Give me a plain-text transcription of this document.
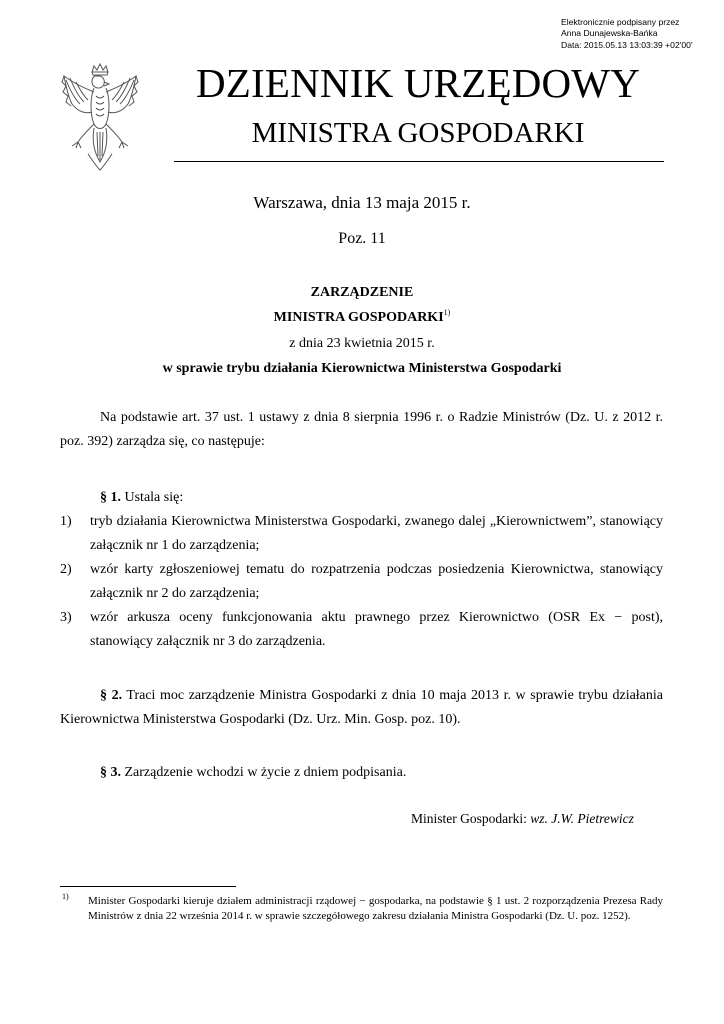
Elektronicznie podpisany przez
Anna Dunajewska-Bańka
Data: 2015.05.13 13:03:39 +02'00'
DZIENNIK URZĘDOWY
MINISTRA GOSPODARKI
Warszawa, dnia 13 maja 2015 r.
Poz. 11
ZARZĄDZENIE
MINISTRA GOSPODARKI$^{1)}$
z dnia 23 kwietnia 2015 r.
w sprawie trybu działania Kierownictwa Ministerstwa Gospodarki
Na podstawie art. 37 ust. 1 ustawy z dnia 8 sierpnia 1996 r. o Radzie Ministrów (Dz. U. z 2012 r. poz. 392) zarządza się, co następuje:
§ 1. Ustala się:
1) tryb działania Kierownictwa Ministerstwa Gospodarki, zwanego dalej „Kierownictwem”, stanowiący załącznik nr 1 do zarządzenia;
2) wzór karty zgłoszeniowej tematu do rozpatrzenia podczas posiedzenia Kierownictwa, stanowiący załącznik nr 2 do zarządzenia;
3) wzór arkusza oceny funkcjonowania aktu prawnego przez Kierownictwo (OSR Ex − post), stanowiący załącznik nr 3 do zarządzenia.
§ 2. Traci moc zarządzenie Ministra Gospodarki z dnia 10 maja 2013 r. w sprawie trybu działania Kierownictwa Ministerstwa Gospodarki (Dz. Urz. Min. Gosp. poz. 10).
§ 3. Zarządzenie wchodzi w życie z dniem podpisania.
Minister Gospodarki: wz. J.W. Pietrewicz
1) Minister Gospodarki kieruje działem administracji rządowej − gospodarka, na podstawie § 1 ust. 2 rozporządzenia Prezesa Rady Ministrów z dnia 22 września 2014 r. w sprawie szczegółowego zakresu działania Ministra Gospodarki (Dz. U. poz. 1252).
